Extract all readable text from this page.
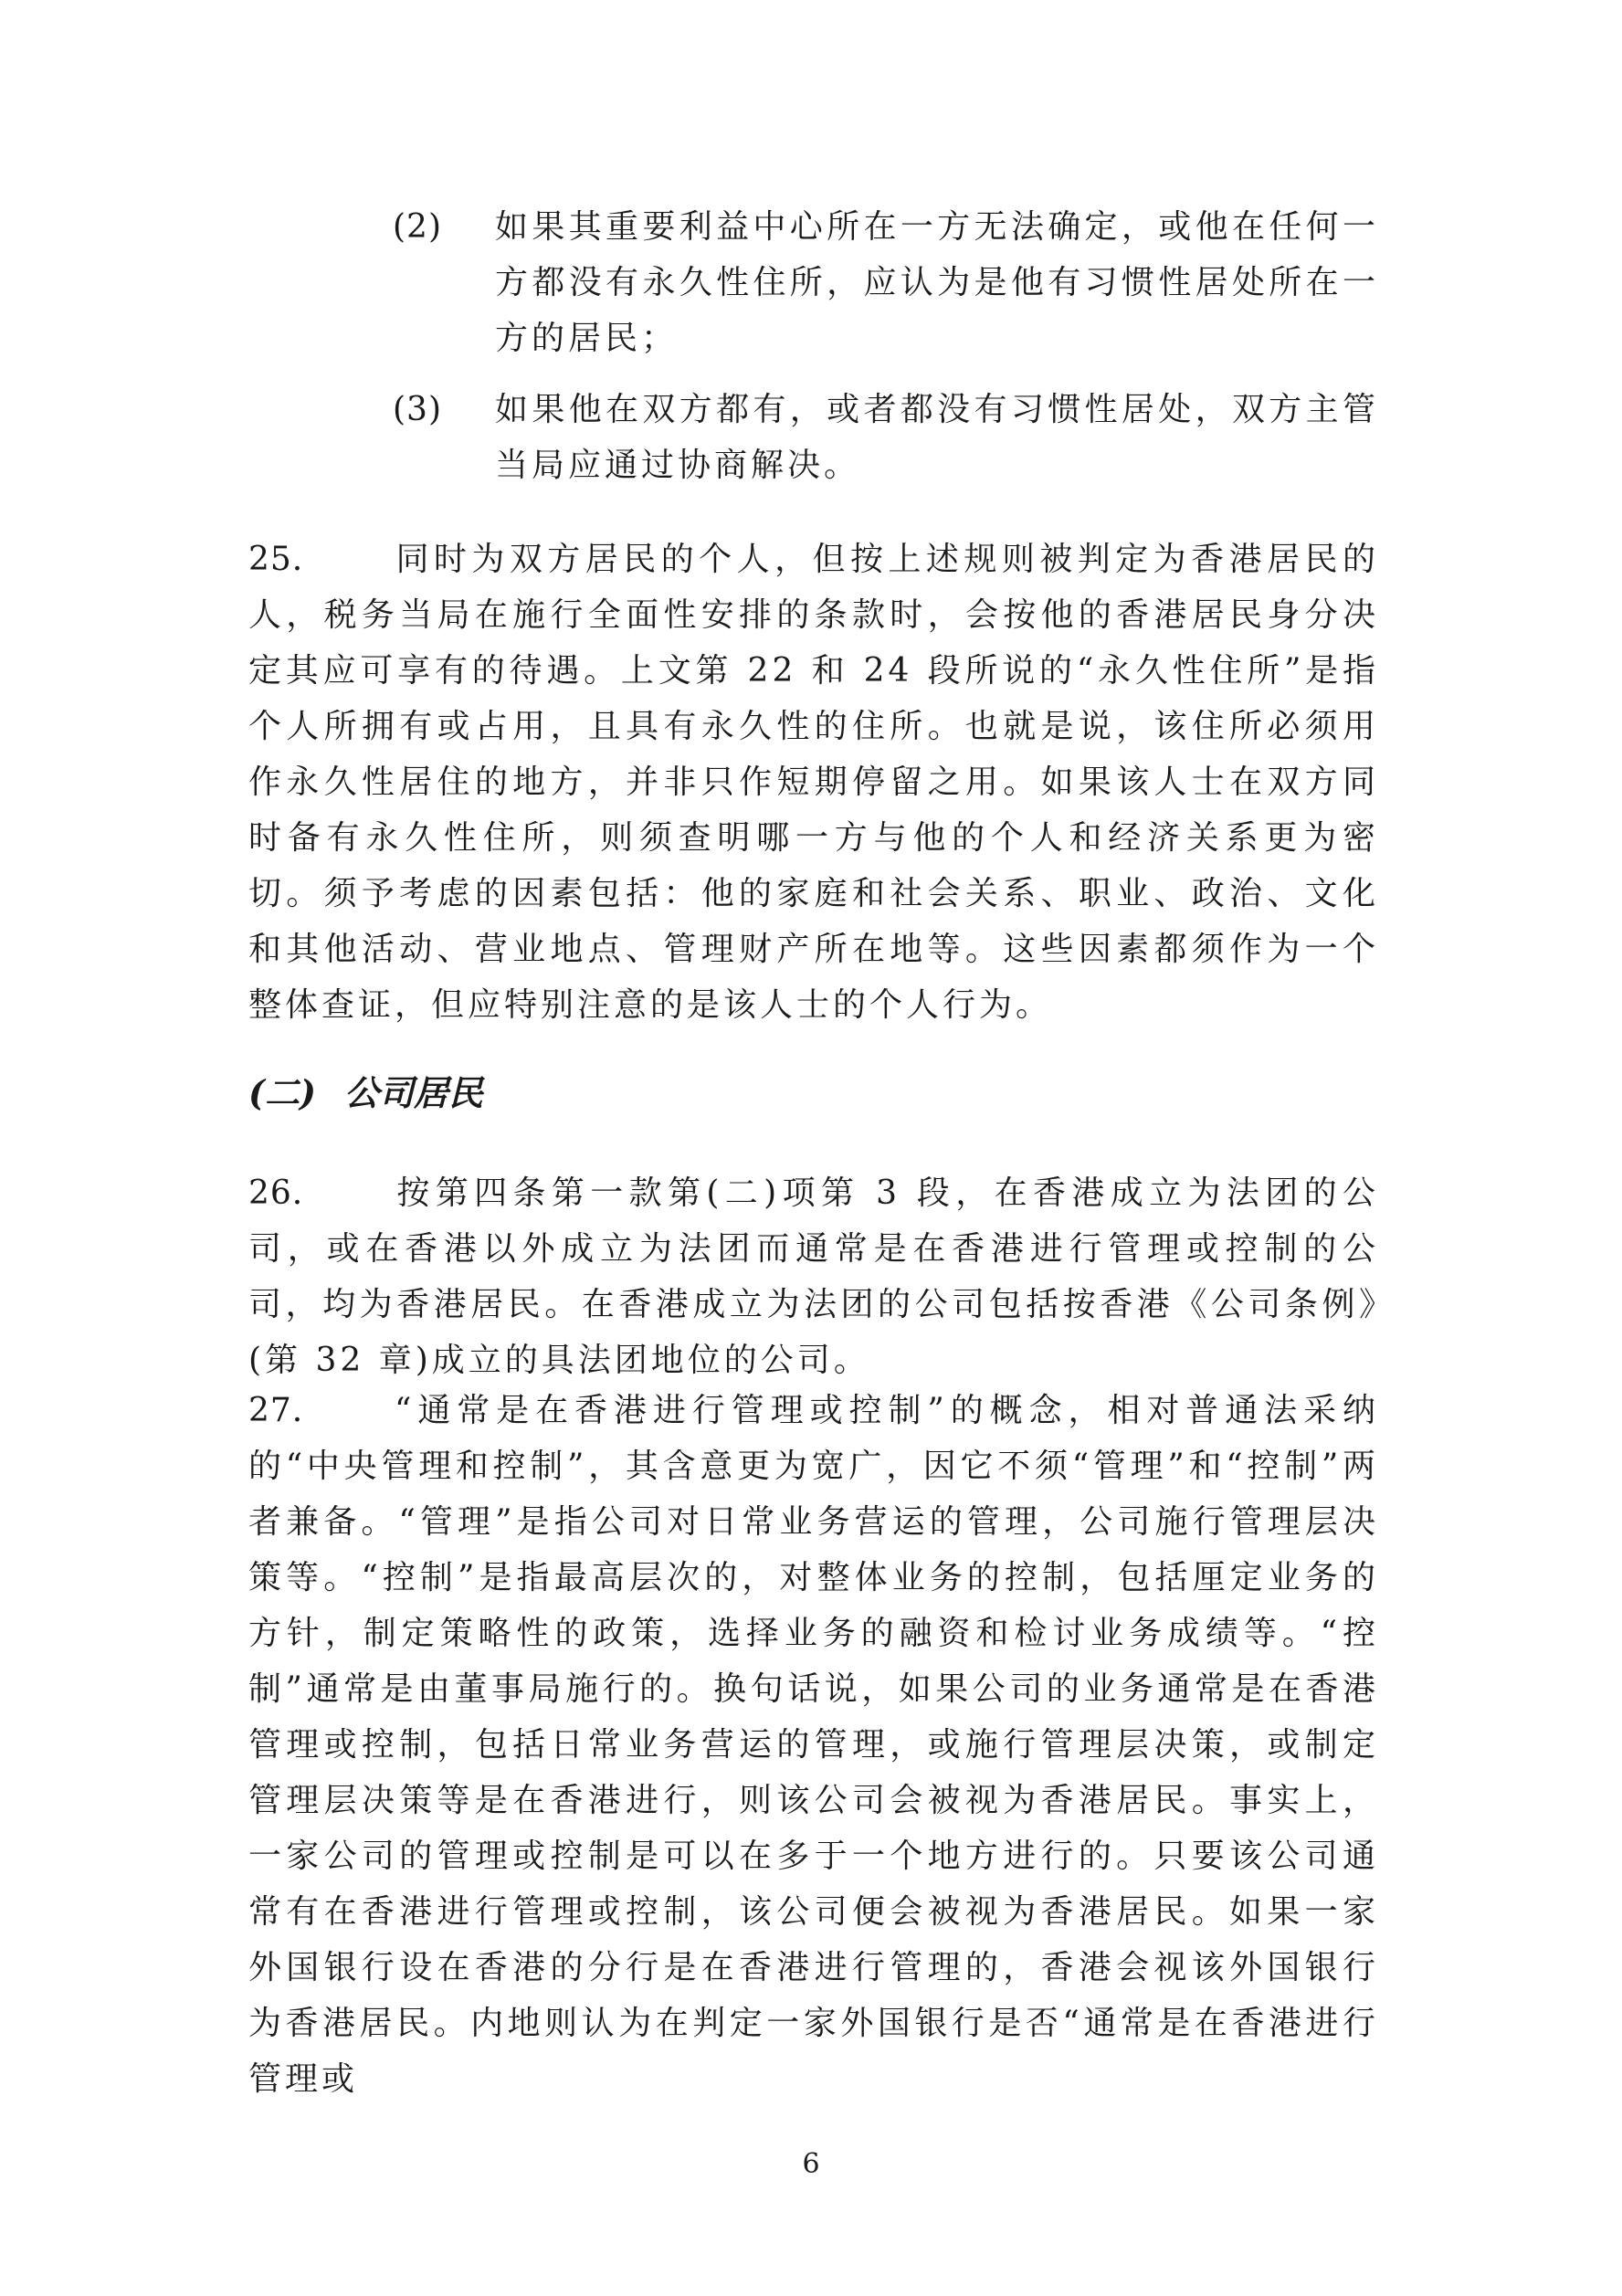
(2) 如果其重要利益中心所在一方无法确定，或他在任何一方都没有永久性住所，应认为是他有习惯性居处所在一方的居民；
(3) 如果他在双方都有，或者都没有习惯性居处，双方主管当局应通过协商解决。
25.	同时为双方居民的个人，但按上述规则被判定为香港居民的人，税务当局在施行全面性安排的条款时，会按他的香港居民身分决定其应可享有的待遇。上文第 22 和 24 段所说的“永久性住所”是指个人所拥有或占用，且具有永久性的住所。也就是说，该住所必须用作永久性居住的地方，并非只作短期停留之用。如果该人士在双方同时备有永久性住所，则须查明哪一方与他的个人和经济关系更为密切。须予考虑的因素包括：他的家庭和社会关系、职业、政治、文化和其他活动、营业地点、管理财产所在地等。这些因素都须作为一个整体查证，但应特别注意的是该人士的个人行为。
(二) 公司居民
26.	按第四条第一款第(二)项第 3 段，在香港成立为法团的公司，或在香港以外成立为法团而通常是在香港进行管理或控制的公司，均为香港居民。在香港成立为法团的公司包括按香港《公司条例》(第 32 章)成立的具法团地位的公司。
27.	“通常是在香港进行管理或控制”的概念，相对普通法采纳的“中央管理和控制”，其含意更为宽广，因它不须“管理”和“控制”两者兼备。“管理”是指公司对日常业务营运的管理，公司施行管理层决策等。“控制”是指最高层次的，对整体业务的控制，包括厘定业务的方针，制定策略性的政策，选择业务的融资和检讨业务成绩等。“控制”通常是由董事局施行的。换句话说，如果公司的业务通常是在香港管理或控制，包括日常业务营运的管理，或施行管理层决策，或制定管理层决策等是在香港进行，则该公司会被视为香港居民。事实上，一家公司的管理或控制是可以在多于一个地方进行的。只要该公司通常有在香港进行管理或控制，该公司便会被视为香港居民。如果一家外国银行设在香港的分行是在香港进行管理的，香港会视该外国银行为香港居民。内地则认为在判定一家外国银行是否“通常是在香港进行管理或
6
